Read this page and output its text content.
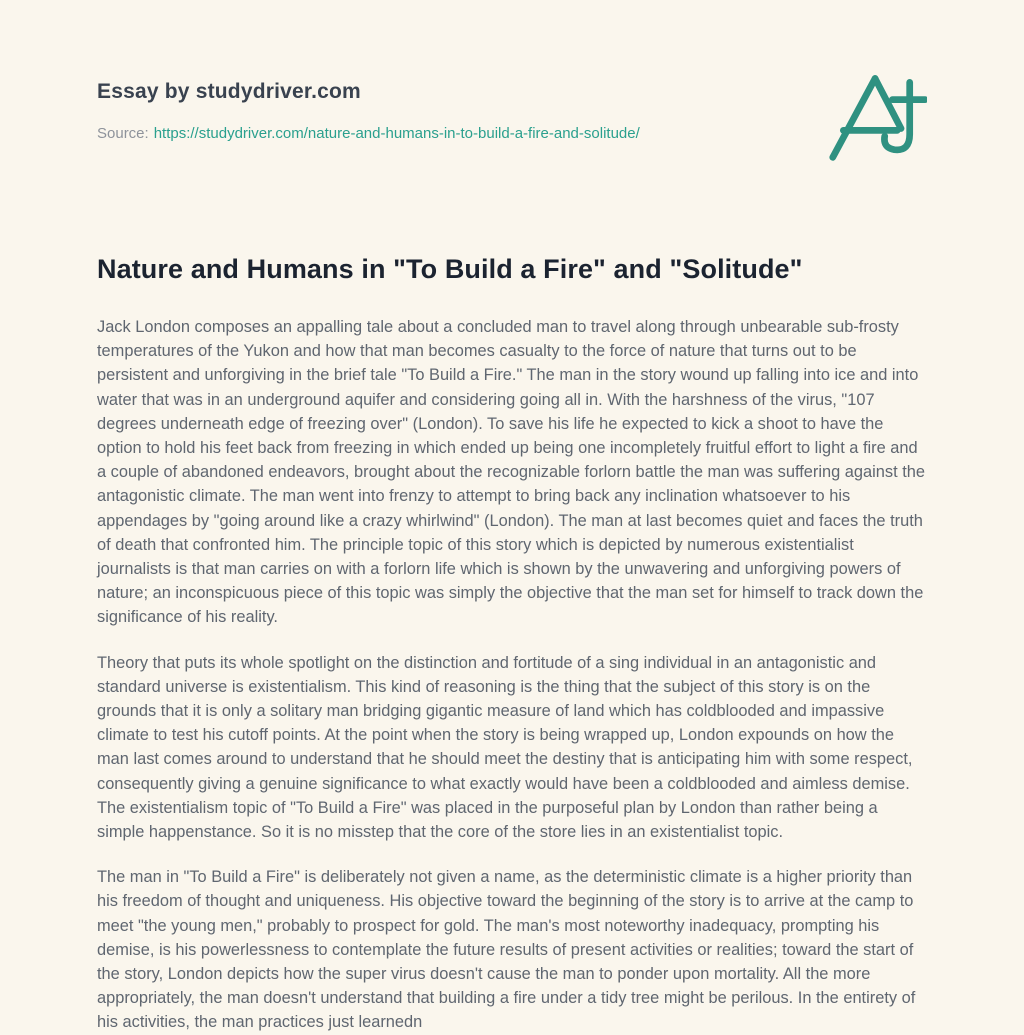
Essay by studydriver.com
Source: https://studydriver.com/nature-and-humans-in-to-build-a-fire-and-solitude/
Nature and Humans in "To Build a Fire" and "Solitude"

Jack London composes an appalling tale about a concluded man to travel along through unbearable sub-frosty temperatures of the Yukon and how that man becomes casualty to the force of nature that turns out to be persistent and unforgiving in the brief tale "To Build a Fire." The man in the story wound up falling into ice and into water that was in an underground aquifer and considering going all in. With the harshness of the virus, "107 degrees underneath edge of freezing over" (London). To save his life he expected to kick a shoot to have the option to hold his feet back from freezing in which ended up being one incompletely fruitful effort to light a fire and a couple of abandoned endeavors, brought about the recognizable forlorn battle the man was suffering against the antagonistic climate. The man went into frenzy to attempt to bring back any inclination whatsoever to his appendages by "going around like a crazy whirlwind" (London). The man at last becomes quiet and faces the truth of death that confronted him. The principle topic of this story which is depicted by numerous existentialist journalists is that man carries on with a forlorn life which is shown by the unwavering and unforgiving powers of nature; an inconspicuous piece of this topic was simply the objective that the man set for himself to track down the significance of his reality.

Theory that puts its whole spotlight on the distinction and fortitude of a sing individual in an antagonistic and standard universe is existentialism. This kind of reasoning is the thing that the subject of this story is on the grounds that it is only a solitary man bridging gigantic measure of land which has coldblooded and impassive climate to test his cutoff points. At the point when the story is being wrapped up, London expounds on how the man last comes around to understand that he should meet the destiny that is anticipating him with some respect, consequently giving a genuine significance to what exactly would have been a coldblooded and aimless demise. The existentialism topic of "To Build a Fire" was placed in the purposeful plan by London than rather being a simple happenstance. So it is no misstep that the core of the store lies in an existentialist topic.

The man in "To Build a Fire" is deliberately not given a name, as the deterministic climate is a higher priority than his freedom of thought and uniqueness. His objective toward the beginning of the story is to arrive at the camp to meet "the young men," probably to prospect for gold. The man's most noteworthy inadequacy, prompting his demise, is his powerlessness to contemplate the future results of present activities or realities; toward the start of the story, London depicts how the super virus doesn't cause the man to ponder upon mortality. All the more appropriately, the man doesn't understand that building a fire under a tidy tree might be perilous. In the entirety of his activities, the man practices just learnedn
